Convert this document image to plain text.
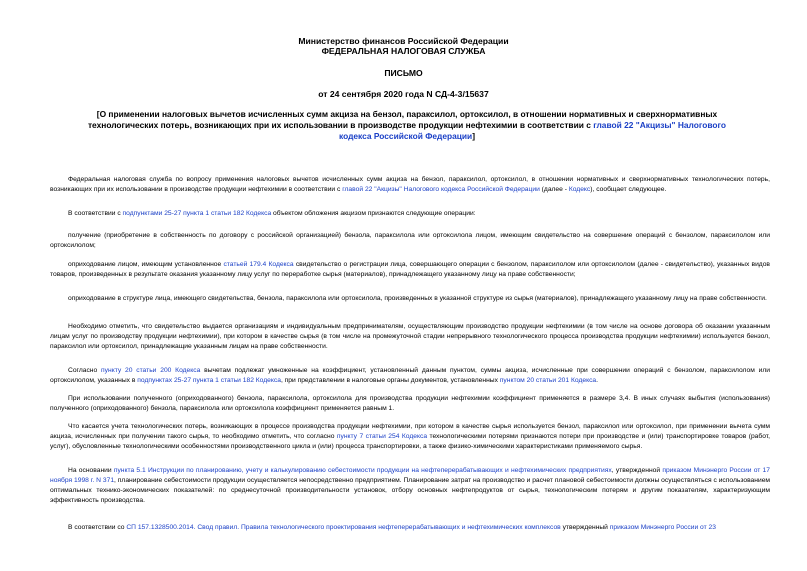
Министерство финансов Российской Федерации
ФЕДЕРАЛЬНАЯ НАЛОГОВАЯ СЛУЖБА
ПИСЬМО
от 24 сентября 2020 года N СД-4-3/15637
[О применении налоговых вычетов исчисленных сумм акциза на бензол, параксилол, ортоксилол, в отношении нормативных и сверхнормативных технологических потерь, возникающих при их использовании в производстве продукции нефтехимии в соответствии с главой 22 "Акцизы" Налогового кодекса Российской Федерации]

Федеральная налоговая служба по вопросу применения налоговых вычетов исчисленных сумм акциза на бензол, параксилол, ортоксилол, в отношении нормативных и сверхнормативных технологических потерь, возникающих при их использовании в производстве продукции нефтехимии в соответствии с главой 22 "Акцизы" Налогового кодекса Российской Федерации (далее - Кодекс), сообщает следующее.

В соответствии с подпунктами 25-27 пункта 1 статьи 182 Кодекса объектом обложения акцизом признаются следующие операции:

получение (приобретение в собственность по договору с российской организацией) бензола, параксилола или ортоксилола лицом, имеющим свидетельство на совершение операций с бензолом, параксилолом или ортоксилолом;

оприходование лицом, имеющим установленное статьей 179.4 Кодекса свидетельство о регистрации лица, совершающего операции с бензолом, параксилолом или ортоксилолом (далее - свидетельство), указанных видов товаров, произведенных в результате оказания указанному лицу услуг по переработке сырья (материалов), принадлежащего указанному лицу на праве собственности;

оприходование в структуре лица, имеющего свидетельства, бензола, параксилола или ортоксилола, произведенных в указанной структуре из сырья (материалов), принадлежащего указанному лицу на праве собственности.

Необходимо отметить, что свидетельство выдается организациям и индивидуальным предпринимателям, осуществляющим производство продукции нефтехимии (в том числе на основе договора об оказании указанным лицам услуг по производству продукции нефтехимии), при котором в качестве сырья (в том числе на промежуточной стадии непрерывного технологического процесса производства продукции нефтехимии) используется бензол, параксилол или ортоксилол, принадлежащие указанным лицам на праве собственности.

Согласно пункту 20 статьи 200 Кодекса вычетам подлежат умноженные на коэффициент, установленный данным пунктом, суммы акциза, исчисленные при совершении операций с бензолом, параксилолом или ортоксилолом, указанных в подпунктах 25-27 пункта 1 статьи 182 Кодекса, при представлении в налоговые органы документов, установленных пунктом 20 статьи 201 Кодекса.

При использовании полученного (оприходованного) бензола, параксилола, ортоксилола для производства продукции нефтехимии коэффициент применяется в размере 3,4. В иных случаях выбытия (использования) полученного (оприходованного) бензола, параксилола или ортоксилола коэффициент применяется равным 1.

Что касается учета технологических потерь, возникающих в процессе производства продукции нефтехимии, при котором в качестве сырья используется бензол, параксилол или ортоксилол, при применении вычета сумм акциза, исчисленных при получении такого сырья, то необходимо отметить, что согласно пункту 7 статьи 254 Кодекса технологическими потерями признаются потери при производстве и (или) транспортировке товаров (работ, услуг), обусловленные технологическими особенностями производственного цикла и (или) процесса транспортировки, а также физико-химическими характеристиками применяемого сырья.

На основании пункта 5.1 Инструкции по планированию, учету и калькулированию себестоимости продукции на нефтеперерабатывающих и нефтехимических предприятиях, утвержденной приказом Минэнерго России от 17 ноября 1998 г. N 371, планирование себестоимости продукции осуществляется непосредственно предприятием. Планирование затрат на производство и расчет плановой себестоимости должны осуществляться с использованием оптимальных технико-экономических показателей: по среднесуточной производительности установок, отбору основных нефтепродуктов от сырья, технологическим потерям и другим показателям, характеризующим эффективность производства.

В соответствии со СП 157.1328500.2014. Свод правил. Правила технологического проектирования нефтеперерабатывающих и нефтехимических комплексов утвержденный приказом Минэнерго России от 23
